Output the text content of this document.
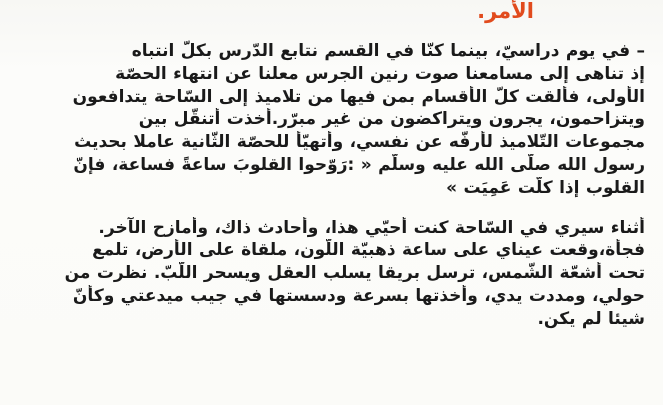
الأمر.
– في يوم دراسيّ، بينما كنّا في القسم نتابع الدّرس بكلّ انتباه
إذ تناهى إلى مسامعنا صوت رنين الجرس معلنا عن انتهاء الحصّة
الأولى، فألقت كلّ الأقسام بمن فيها من تلاميذ إلى السّاحة يتدافعون
ويتزاحمون، يجرون ويتراكضون من غير مبرّر.أخذت أتنقّل بين
مجموعات التّلاميذ لأرفّه عن نفسي، وأتهيّأ للحصّة الثّانية عاملا بحديث
رسول الله صلّى الله عليه وسلّم « :رَوّحوا القلوبَ ساعةً فساعة، فإنّ
القلوب إذا كلّت عَمِيَت »
أثناء سيري في السّاحة كنت أحيّي هذا، وأحادث ذاك، وأمازح الآخر.
فجأة،وقعت عيناي على ساعة ذهبيّة اللّون، ملقاة على الأرض، تلمع
تحت أشعّة الشّمس، ترسل بريقا يسلب العقل ويسحر اللّبّ. نظرت من
حولي، ومددت يدي، وأخذتها بسرعة ودسستها في جيب ميدعتي وكأنّ
شيئا لم يكن.
